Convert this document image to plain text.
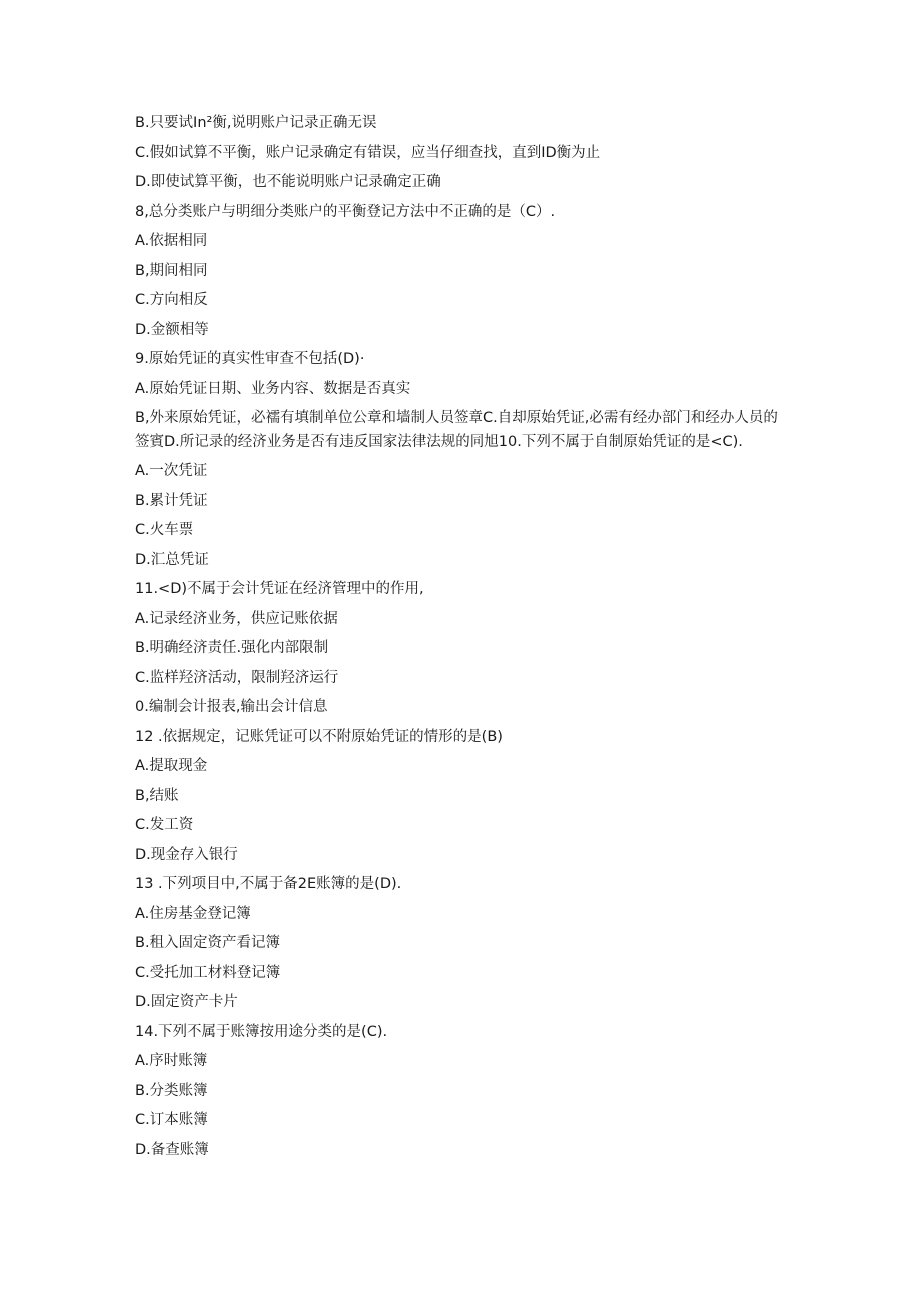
B.只要试In²衡,说明账户记录正确无误
C.假如试算不平衡，账户记录确定有错误，应当仔细查找，直到ID衡为止
D.即使试算平衡，也不能说明账户记录确定正确
8,总分类账户与明细分类账户的平衡登记方法中不正确的是（C）.
A.依据相同
B,期间相同
C.方向相反
D.金额相等
9.原始凭证的真实性审查不包括(D)·
A.原始凭证日期、业务内容、数据是否真实
B,外来原始凭证，必襦有填制单位公章和墙制人员签章C.自却原始凭证,必需有经办部门和经办人员的签賓D.所记录的经济业务是否有违反国家法律法规的同旭10.下列不属于自制原始凭证的是<C).
A.一次凭证
B.累计凭证
C.火车票
D.汇总凭证
11.<D)不属于会计凭证在经济管理中的作用,
A.记录经济业务，供应记账依据
B.明确经济责任.强化内部限制
C.监样羟济活动，限制羟济运行
0.编制会计报表,输出会计信息
12 .依据规定，记账凭证可以不附原始凭证的情形的是(B)
A.提取现金
B,结账
C.发工资
D.现金存入银行
13 .下列项目中,不属于备2E账簿的是(D).
A.住房基金登记簿
B.租入固定资产看记簿
C.受托加工材料登记簿
D.固定资产卡片
14.下列不属于账簿按用途分类的是(C).
A.序时账簿
B.分类账簿
C.订本账簿
D.备查账簿
